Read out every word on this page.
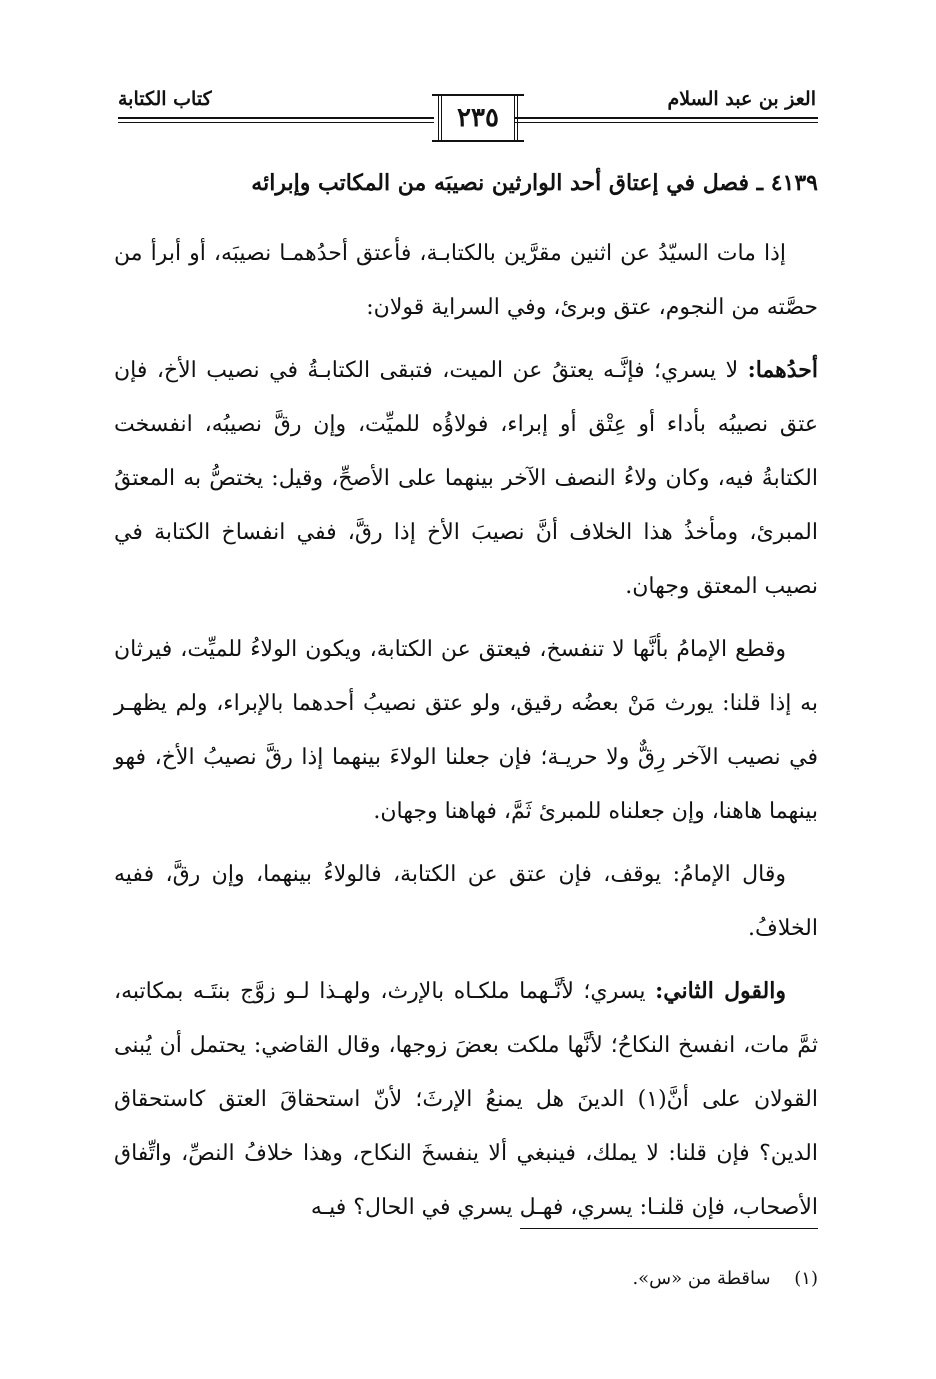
كتاب الكتابة	العز بن عبد السلام
٢٣٥
٤١٣٩ ـ فصل في إعتاق أحد الوارثين نصيبَه من المكاتب وإبرائه

إذا مات السيّدُ عن اثنين مقرَّين بالكتابـة، فأعتق أحدُهمـا نصيبَه، أو أبرأ من حصَّته من النجوم، عتق وبرئ، وفي السراية قولان:

أحدُهما: لا يسري؛ فإنَّـه يعتقُ عن الميت، فتبقى الكتابـةُ في نصيب الأخ، فإن عتق نصيبُه بأداء أو عِتْق أو إبراء، فولاؤُه للميِّت، وإن رقَّ نصيبُه، انفسخت الكتابةُ فيه، وكان ولاءُ النصف الآخر بينهما على الأصحِّ، وقيل: يختصُّ به المعتقُ المبرئ، ومأخذُ هذا الخلاف أنَّ نصيبَ الأخ إذا رقَّ، ففي انفساخ الكتابة في نصيب المعتق وجهان.

وقطع الإمامُ بأنَّها لا تنفسخ، فيعتق عن الكتابة، ويكون الولاءُ للميِّت، فيرثان به إذا قلنا: يورث مَنْ بعضُه رقيق، ولو عتق نصيبُ أحدهما بالإبراء، ولم يظهـر في نصيب الآخر رِقٌّ ولا حريـة؛ فإن جعلنا الولاءَ بينهما إذا رقَّ نصيبُ الأخ، فهو بينهما هاهنا، وإن جعلناه للمبرئ ثَمَّ، فهاهنا وجهان.

وقال الإمامُ: يوقف، فإن عتق عن الكتابة، فالولاءُ بينهما، وإن رقَّ، ففيه الخلافُ.

والقول الثاني: يسري؛ لأنَّـهما ملكـاه بالإرث، ولهـذا لـو زوَّج بنتَـه بمكاتبه، ثمَّ مات، انفسخ النكاحُ؛ لأنَّها ملكت بعضَ زوجها، وقال القاضي: يحتمل أن يُبنى القولان على أنَّ(١) الدينَ هل يمنعُ الإرثَ؛ لأنّ استحقاقَ العتق كاستحقاق الدين؟ فإن قلنا: لا يملك، فينبغي ألا ينفسخَ النكاح، وهذا خلافُ النصِّ، واتِّفاق الأصحاب، فإن قلنـا: يسري، فهـل يسري في الحال؟ فيـه

(١) ساقطة من «س».
